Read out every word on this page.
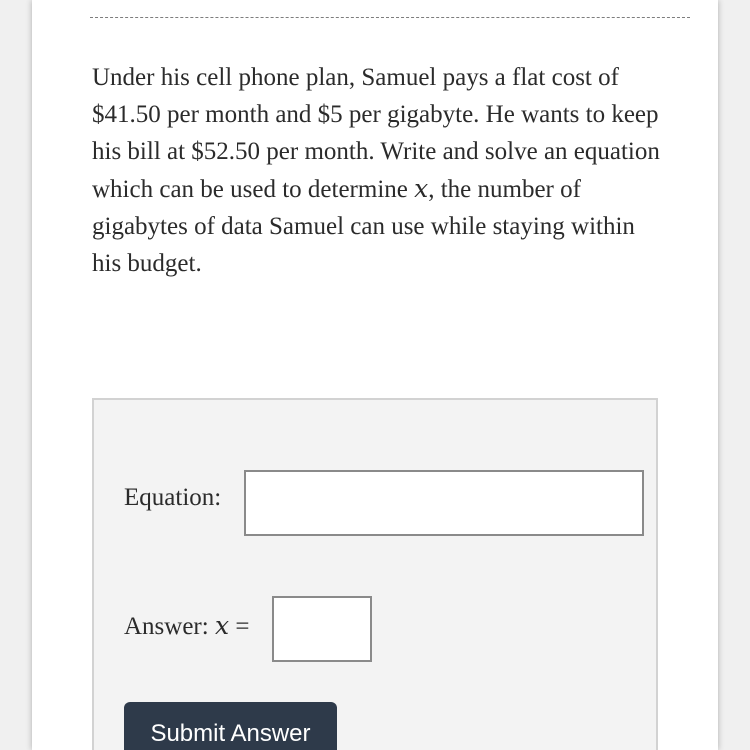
Under his cell phone plan, Samuel pays a flat cost of $41.50 per month and $5 per gigabyte. He wants to keep his bill at $52.50 per month. Write and solve an equation which can be used to determine x, the number of gigabytes of data Samuel can use while staying within his budget.

Equation:
Answer: x =
Submit Answer
